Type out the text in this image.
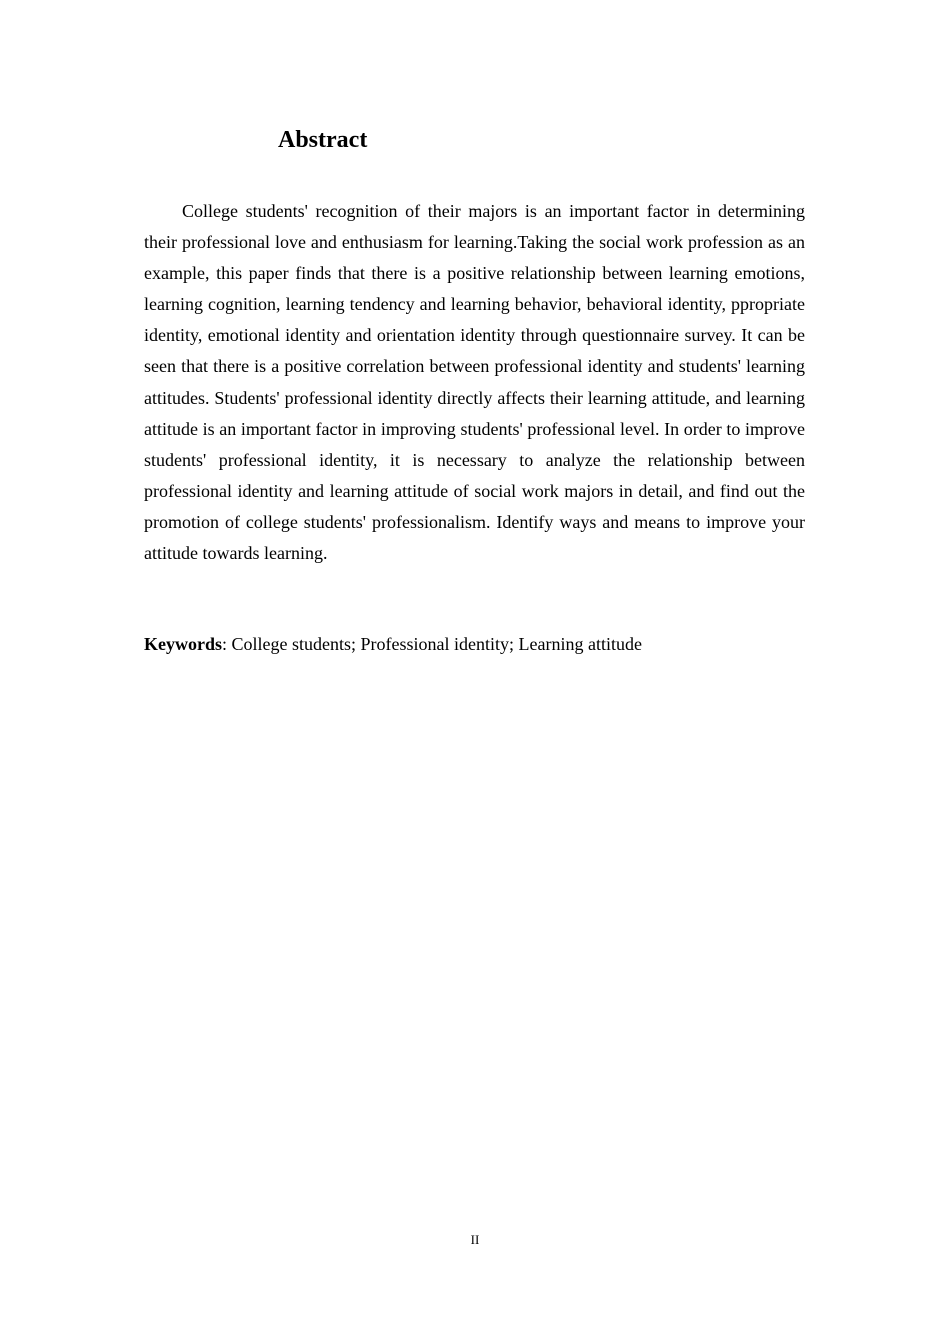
Abstract

College students' recognition of their majors is an important factor in determining their professional love and enthusiasm for learning.Taking the social work profession as an example, this paper finds that there is a positive relationship between learning emotions, learning cognition, learning tendency and learning behavior, behavioral identity, ppropriate identity, emotional identity and orientation identity through questionnaire survey. It can be seen that there is a positive correlation between professional identity and students' learning attitudes. Students' professional identity directly affects their learning attitude, and learning attitude is an important factor in improving students' professional level. In order to improve students' professional identity, it is necessary to analyze the relationship between professional identity and learning attitude of social work majors in detail, and find out the promotion of college students' professionalism. Identify ways and means to improve your attitude towards learning.

Keywords: College students; Professional identity; Learning attitude

II
